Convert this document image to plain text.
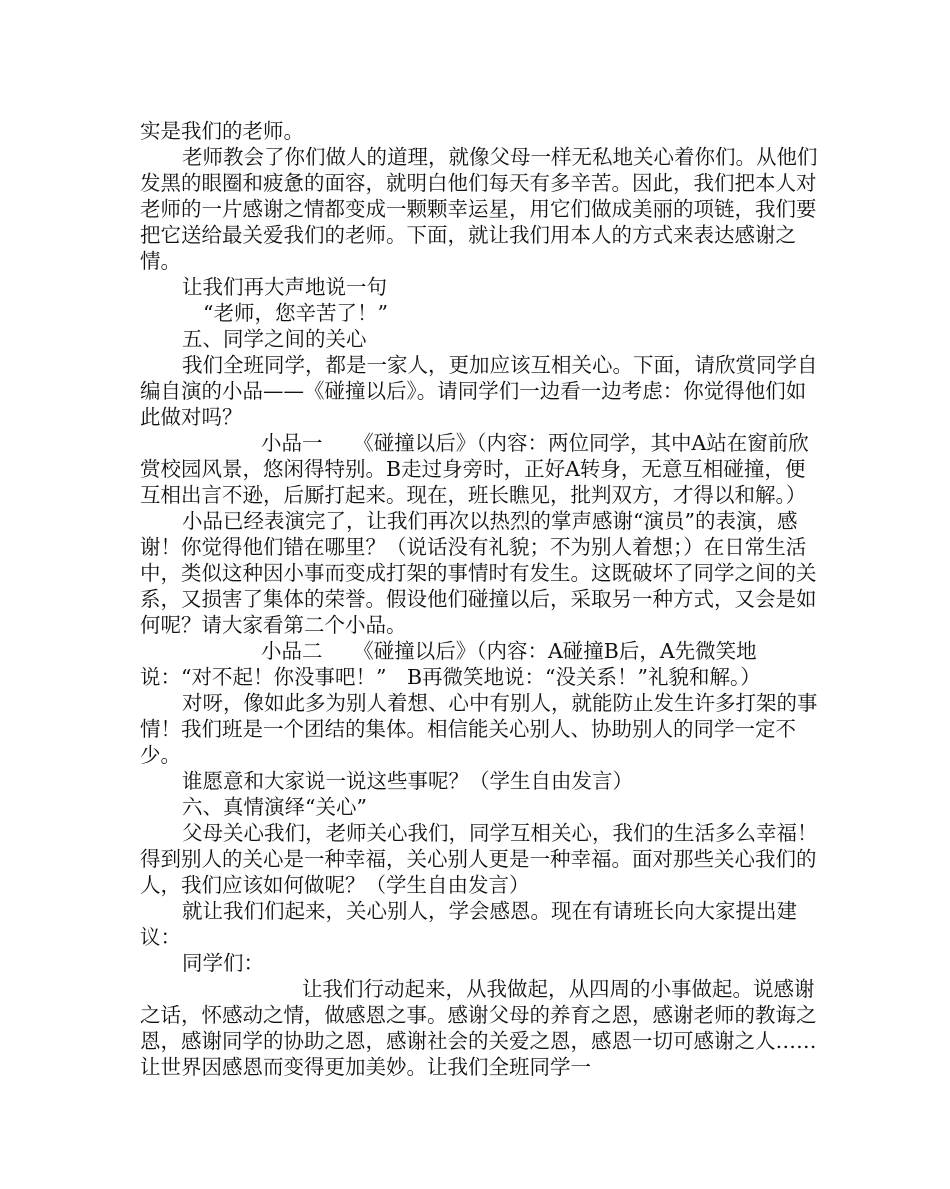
实是我们的老师。

老师教会了你们做人的道理，就像父母一样无私地关心着你们。从他们发黑的眼圈和疲惫的面容，就明白他们每天有多辛苦。因此，我们把本人对老师的一片感谢之情都变成一颗颗幸运星，用它们做成美丽的项链，我们要把它送给最关爱我们的老师。下面，就让我们用本人的方式来表达感谢之情。

让我们再大声地说一句

“老师，您辛苦了！”

五、同学之间的关心

我们全班同学，都是一家人，更加应该互相关心。下面，请欣赏同学自编自演的小品——《碰撞以后》。请同学们一边看一边考虑：你觉得他们如此做对吗？

小品一　　《碰撞以后》（内容：两位同学，其中A站在窗前欣赏校园风景，悠闲得特别。B走过身旁时，正好A转身，无意互相碰撞，便互相出言不逊，后厮打起来。现在，班长瞧见，批判双方，才得以和解。）

小品已经表演完了，让我们再次以热烈的掌声感谢“演员”的表演，感谢！你觉得他们错在哪里？（说话没有礼貌；不为别人着想；）在日常生活中，类似这种因小事而变成打架的事情时有发生。这既破坏了同学之间的关系，又损害了集体的荣誉。假设他们碰撞以后，采取另一种方式，又会是如何呢？请大家看第二个小品。

小品二　　《碰撞以后》（内容：A碰撞B后，A先微笑地说：“对不起！你没事吧！”　B再微笑地说：“没关系！”礼貌和解。）

对呀，像如此多为别人着想、心中有别人，就能防止发生许多打架的事情！我们班是一个团结的集体。相信能关心别人、协助别人的同学一定不少。

谁愿意和大家说一说这些事呢？（学生自由发言）

六、真情演绎“关心”

父母关心我们，老师关心我们，同学互相关心，我们的生活多么幸福！得到别人的关心是一种幸福，关心别人更是一种幸福。面对那些关心我们的人，我们应该如何做呢？（学生自由发言）

就让我们们起来，关心别人，学会感恩。现在有请班长向大家提出建议：

同学们：

让我们行动起来，从我做起，从四周的小事做起。说感谢之话，怀感动之情，做感恩之事。感谢父母的养育之恩，感谢老师的教诲之恩，感谢同学的协助之恩，感谢社会的关爱之恩，感恩一切可感谢之人……让世界因感恩而变得更加美妙。让我们全班同学一
